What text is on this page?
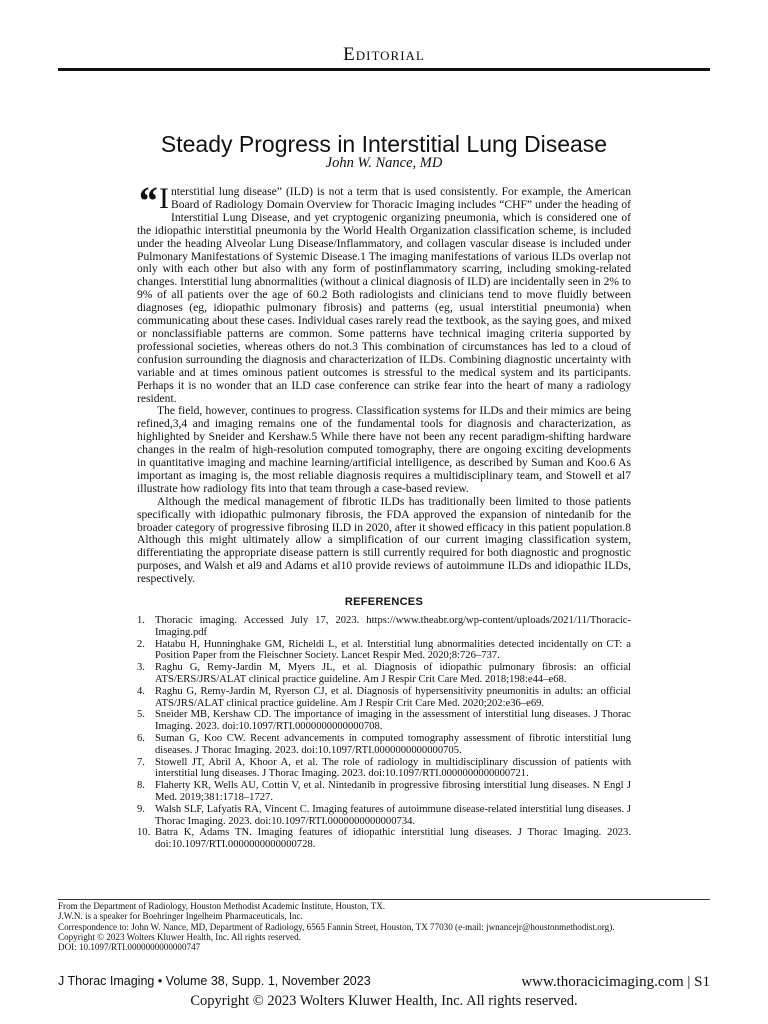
Editorial
Steady Progress in Interstitial Lung Disease
John W. Nance, MD

“ I nterstitial lung disease” (ILD) is not a term that is used consistently. For example, the American Board of Radiology Domain Overview for Thoracic Imaging includes “CHF” under the heading of Interstitial Lung Disease, and yet cryptogenic organizing pneumonia, which is considered one of the idiopathic interstitial pneumonia by the World Health Organization classification scheme, is included under the heading Alveolar Lung Disease/Inflammatory, and collagen vascular disease is included under Pulmonary Manifestations of Systemic Disease.1 The imaging manifestations of various ILDs overlap not only with each other but also with any form of postinflammatory scarring, including smoking-related changes. Interstitial lung abnormalities (without a clinical diagnosis of ILD) are incidentally seen in 2% to 9% of all patients over the age of 60.2 Both radiologists and clinicians tend to move fluidly between diagnoses (eg, idiopathic pulmonary fibrosis) and patterns (eg, usual interstitial pneumonia) when communicating about these cases. Individual cases rarely read the textbook, as the saying goes, and mixed or nonclassifiable patterns are common. Some patterns have technical imaging criteria supported by professional societies, whereas others do not.3 This combination of circumstances has led to a cloud of confusion surrounding the diagnosis and characterization of ILDs. Combining diagnostic uncertainty with variable and at times ominous patient outcomes is stressful to the medical system and its participants. Perhaps it is no wonder that an ILD case conference can strike fear into the heart of many a radiology resident.

The field, however, continues to progress. Classification systems for ILDs and their mimics are being refined,3,4 and imaging remains one of the fundamental tools for diagnosis and characterization, as highlighted by Sneider and Kershaw.5 While there have not been any recent paradigm-shifting hardware changes in the realm of high-resolution computed tomography, there are ongoing exciting developments in quantitative imaging and machine learning/artificial intelligence, as described by Suman and Koo.6 As important as imaging is, the most reliable diagnosis requires a multidisciplinary team, and Stowell et al7 illustrate how radiology fits into that team through a case-based review.

Although the medical management of fibrotic ILDs has traditionally been limited to those patients specifically with idiopathic pulmonary fibrosis, the FDA approved the expansion of nintedanib for the broader category of progressive fibrosing ILD in 2020, after it showed efficacy in this patient population.8 Although this might ultimately allow a simplification of our current imaging classification system, differentiating the appropriate disease pattern is still currently required for both diagnostic and prognostic purposes, and Walsh et al9 and Adams et al10 provide reviews of autoimmune ILDs and idiopathic ILDs, respectively.

REFERENCES
1. Thoracic imaging. Accessed July 17, 2023. https://www.theabr.org/wp-content/uploads/2021/11/Thoracic-Imaging.pdf
2. Hatabu H, Hunninghake GM, Richeldi L, et al. Interstitial lung abnormalities detected incidentally on CT: a Position Paper from the Fleischner Society. Lancet Respir Med. 2020;8:726–737.
3. Raghu G, Remy-Jardin M, Myers JL, et al. Diagnosis of idiopathic pulmonary fibrosis: an official ATS/ERS/JRS/ALAT clinical practice guideline. Am J Respir Crit Care Med. 2018;198:e44–e68.
4. Raghu G, Remy-Jardin M, Ryerson CJ, et al. Diagnosis of hypersensitivity pneumonitis in adults: an official ATS/JRS/ALAT clinical practice guideline. Am J Respir Crit Care Med. 2020;202:e36–e69.
5. Sneider MB, Kershaw CD. The importance of imaging in the assessment of interstitial lung diseases. J Thorac Imaging. 2023. doi:10.1097/RTI.0000000000000708.
6. Suman G, Koo CW. Recent advancements in computed tomography assessment of fibrotic interstitial lung diseases. J Thorac Imaging. 2023. doi:10.1097/RTI.0000000000000705.
7. Stowell JT, Abril A, Khoor A, et al. The role of radiology in multidisciplinary discussion of patients with interstitial lung diseases. J Thorac Imaging. 2023. doi:10.1097/RTI.0000000000000721.
8. Flaherty KR, Wells AU, Cottin V, et al. Nintedanib in progressive fibrosing interstitial lung diseases. N Engl J Med. 2019;381:1718–1727.
9. Walsh SLF, Lafyatis RA, Vincent C. Imaging features of autoimmune disease-related interstitial lung diseases. J Thorac Imaging. 2023. doi:10.1097/RTI.0000000000000734.
10. Batra K, Adams TN. Imaging features of idiopathic interstitial lung diseases. J Thorac Imaging. 2023. doi:10.1097/RTI.0000000000000728.
From the Department of Radiology, Houston Methodist Academic Institute, Houston, TX.
J.W.N. is a speaker for Boehringer Ingelheim Pharmaceuticals, Inc.
Correspondence to: John W. Nance, MD, Department of Radiology, 6565 Fannin Street, Houston, TX 77030 (e-mail: jwnancejr@houstonmethodist.org).
Copyright © 2023 Wolters Kluwer Health, Inc. All rights reserved.
DOI: 10.1097/RTI.0000000000000747
J Thorac Imaging • Volume 38, Supp. 1, November 2023	www.thoracicimaging.com | S1
Copyright © 2023 Wolters Kluwer Health, Inc. All rights reserved.
